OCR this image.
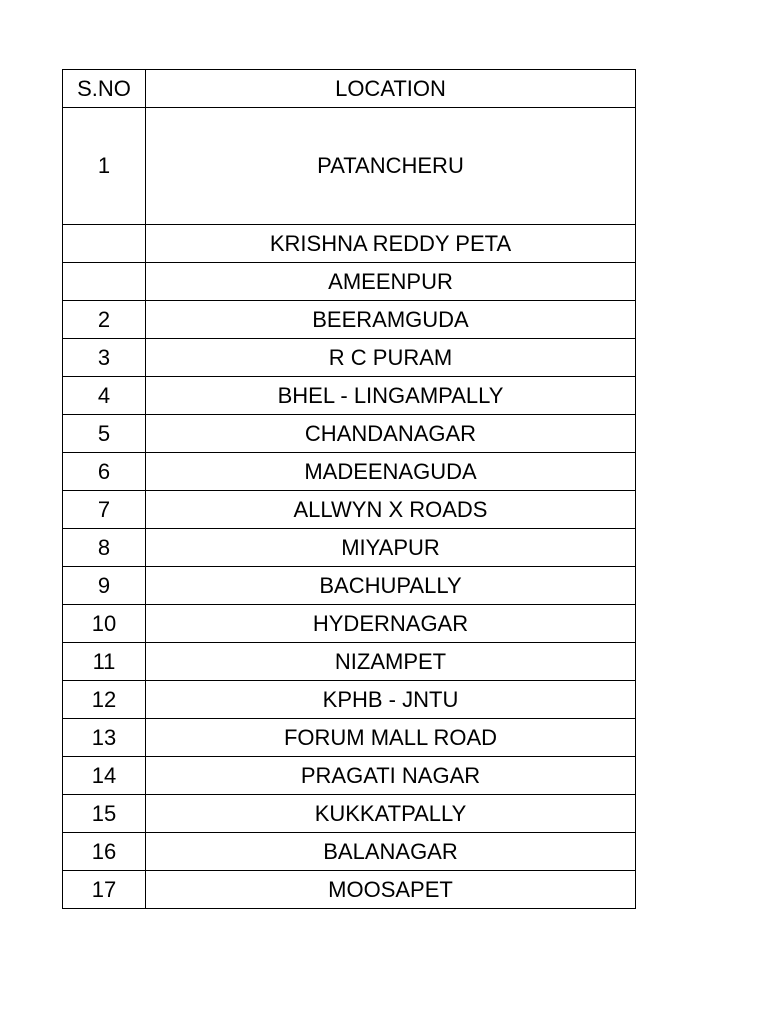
S.NO	LOCATION
1	PATANCHERU
	KRISHNA REDDY PETA
	AMEENPUR
2	BEERAMGUDA
3	R C PURAM
4	BHEL - LINGAMPALLY
5	CHANDANAGAR
6	MADEENAGUDA
7	ALLWYN X ROADS
8	MIYAPUR
9	BACHUPALLY
10	HYDERNAGAR
11	NIZAMPET
12	KPHB - JNTU
13	FORUM MALL ROAD
14	PRAGATI NAGAR
15	KUKKATPALLY
16	BALANAGAR
17	MOOSAPET
